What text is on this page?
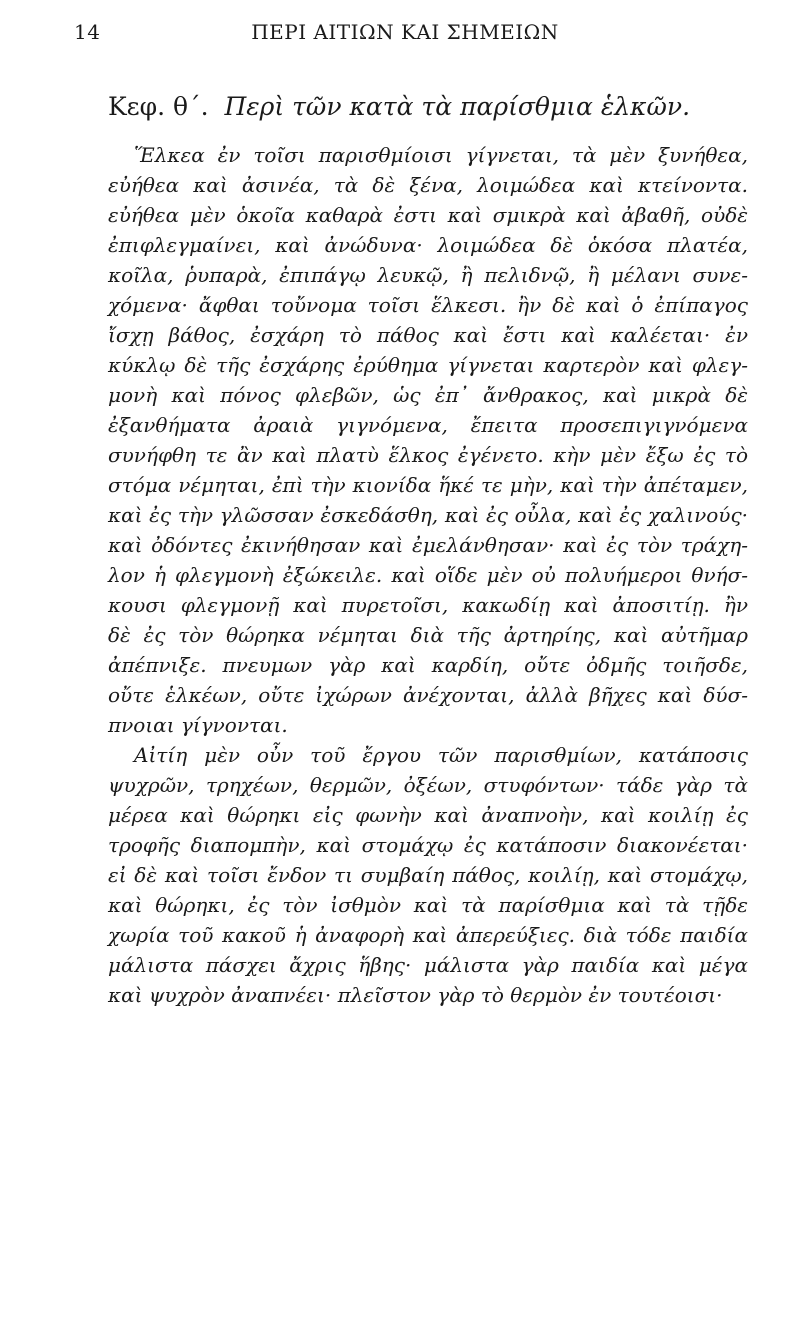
14	ΠΕΡΙ ΑΙΤΙΩΝ ΚΑΙ ΣΗΜΕΙΩΝ
Κεφ. θ΄. Περὶ τῶν κατὰ τὰ παρίσθμια ἑλκῶν.
Ἕλκεα ἐν τοῖσι παρισθμίοισι γίγνεται, τὰ μὲν ξυνήθεα,
εὐήθεα καὶ ἀσινέα, τὰ δὲ ξένα, λοιμώδεα καὶ κτείνοντα.
εὐήθεα μὲν ὁκοῖα καθαρὰ ἐστι καὶ σμικρὰ καὶ ἀβαθῆ, οὐδὲ
ἐπιφλεγμαίνει, καὶ ἀνώδυνα· λοιμώδεα δὲ ὁκόσα πλατέα,
κοῖλα, ῥυπαρὰ, ἐπιπάγῳ λευκῷ, ἢ πελιδνῷ, ἢ μέλανι συνε-
χόμενα· ἄφθαι τοὔνομα τοῖσι ἕλκεσι. ἢν δὲ καὶ ὁ ἐπίπαγος
ἴσχῃ βάθος, ἐσχάρη τὸ πάθος καὶ ἔστι καὶ καλέεται· ἐν
κύκλῳ δὲ τῆς ἐσχάρης ἐρύθημα γίγνεται καρτερὸν καὶ φλεγ-
μονὴ καὶ πόνος φλεβῶν, ὡς ἐπ᾽ ἄνθρακος, καὶ μικρὰ δὲ
ἐξανθήματα ἀραιὰ γιγνόμενα, ἔπειτα προσεπιγιγνόμενα
συνήφθη τε ἂν καὶ πλατὺ ἕλκος ἐγένετο. κὴν μὲν ἔξω ἐς τὸ
στόμα νέμηται, ἐπὶ τὴν κιονίδα ἥκέ τε μὴν, καὶ τὴν ἀπέταμεν,
καὶ ἐς τὴν γλῶσσαν ἐσκεδάσθη, καὶ ἐς οὖλα, καὶ ἐς χαλινούς·
καὶ ὀδόντες ἐκινήθησαν καὶ ἐμελάνθησαν· καὶ ἐς τὸν τράχη-
λον ἡ φλεγμονὴ ἐξώκειλε. καὶ οἵδε μὲν οὐ πολυήμεροι θνήσ-
κουσι φλεγμονῇ καὶ πυρετοῖσι, κακωδίῃ καὶ ἀποσιτίῃ. ἢν
δὲ ἐς τὸν θώρηκα νέμηται διὰ τῆς ἀρτηρίης, καὶ αὐτῆμαρ
ἀπέπνιξε. πνευμων γὰρ καὶ καρδίη, οὔτε ὀδμῆς τοιῆσδε,
οὔτε ἑλκέων, οὔτε ἰχώρων ἀνέχονται, ἀλλὰ βῆχες καὶ δύσ-
πνοιαι γίγνονται.
Αἰτίη μὲν οὖν τοῦ ἔργου τῶν παρισθμίων, κατάποσις
ψυχρῶν, τρηχέων, θερμῶν, ὀξέων, στυφόντων· τάδε γὰρ τὰ
μέρεα καὶ θώρηκι εἰς φωνὴν καὶ ἀναπνοὴν, καὶ κοιλίῃ ἐς
τροφῆς διαπομπὴν, καὶ στομάχῳ ἐς κατάποσιν διακονέεται·
εἰ δὲ καὶ τοῖσι ἔνδον τι συμβαίη πάθος, κοιλίῃ, καὶ στομάχῳ,
καὶ θώρηκι, ἐς τὸν ἰσθμὸν καὶ τὰ παρίσθμια καὶ τὰ τῇδε
χωρία τοῦ κακοῦ ἡ ἀναφορὴ καὶ ἀπερεύξιες. διὰ τόδε παιδία
μάλιστα πάσχει ἄχρις ἥβης· μάλιστα γὰρ παιδία καὶ μέγα
καὶ ψυχρὸν ἀναπνέει· πλεῖστον γὰρ τὸ θερμὸν ἐν τουτέοισι·
